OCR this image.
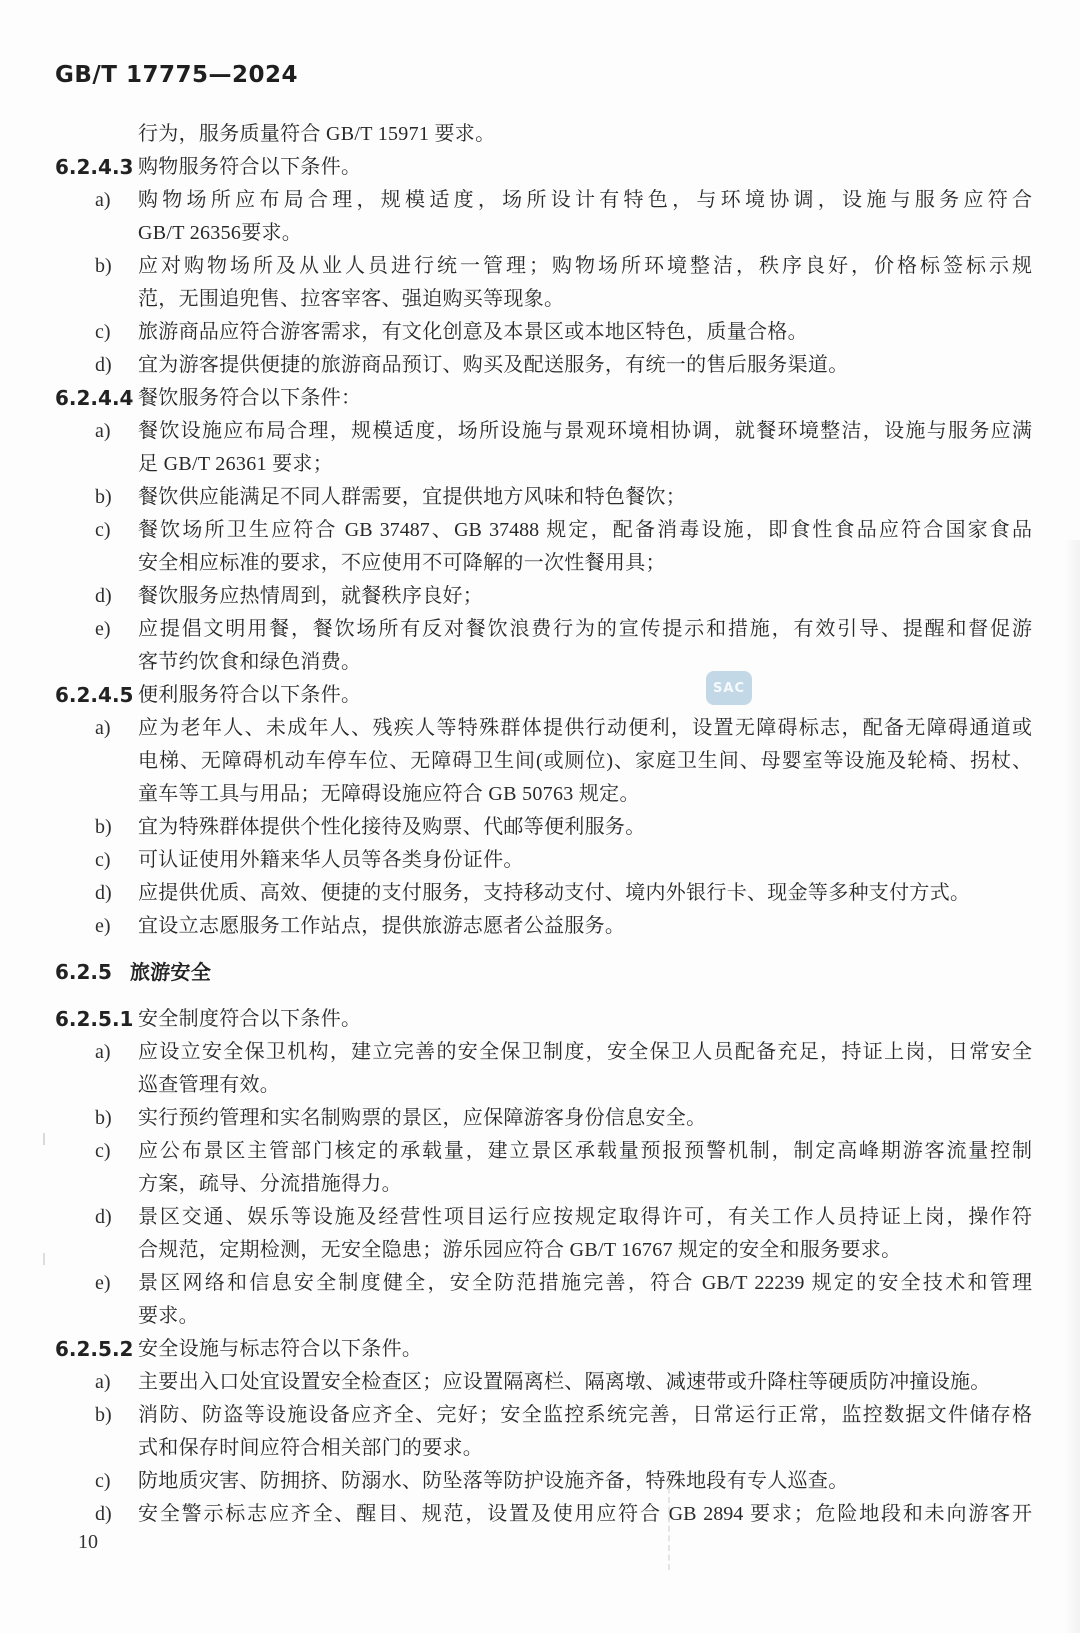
GB/T 17775—2024
行为，服务质量符合 GB/T 15971 要求。
6.2.4.3 购物服务符合以下条件。
a)	购物场所应布局合理，规模适度，场所设计有特色，与环境协调，设施与服务应符合
GB/T 26356要求。
b)	应对购物场所及从业人员进行统一管理；购物场所环境整洁，秩序良好，价格标签标示规
范，无围追兜售、拉客宰客、强迫购买等现象。
c)	旅游商品应符合游客需求，有文化创意及本景区或本地区特色，质量合格。
d)	宜为游客提供便捷的旅游商品预订、购买及配送服务，有统一的售后服务渠道。
6.2.4.4 餐饮服务符合以下条件：
a)	餐饮设施应布局合理，规模适度，场所设施与景观环境相协调，就餐环境整洁，设施与服务应满
足 GB/T 26361 要求；
b)	餐饮供应能满足不同人群需要，宜提供地方风味和特色餐饮；
c)	餐饮场所卫生应符合 GB 37487、GB 37488 规定，配备消毒设施，即食性食品应符合国家食品
安全相应标准的要求，不应使用不可降解的一次性餐用具；
d)	餐饮服务应热情周到，就餐秩序良好；
e)	应提倡文明用餐，餐饮场所有反对餐饮浪费行为的宣传提示和措施，有效引导、提醒和督促游
客节约饮食和绿色消费。
6.2.4.5 便利服务符合以下条件。
a)	应为老年人、未成年人、残疾人等特殊群体提供行动便利，设置无障碍标志，配备无障碍通道或
电梯、无障碍机动车停车位、无障碍卫生间(或厕位)、家庭卫生间、母婴室等设施及轮椅、拐杖、
童车等工具与用品；无障碍设施应符合 GB 50763 规定。
b)	宜为特殊群体提供个性化接待及购票、代邮等便利服务。
c)	可认证使用外籍来华人员等各类身份证件。
d)	应提供优质、高效、便捷的支付服务，支持移动支付、境内外银行卡、现金等多种支付方式。
e)	宜设立志愿服务工作站点，提供旅游志愿者公益服务。
6.2.5 旅游安全
6.2.5.1 安全制度符合以下条件。
a)	应设立安全保卫机构，建立完善的安全保卫制度，安全保卫人员配备充足，持证上岗，日常安全
巡查管理有效。
b)	实行预约管理和实名制购票的景区，应保障游客身份信息安全。
c)	应公布景区主管部门核定的承载量，建立景区承载量预报预警机制，制定高峰期游客流量控制
方案，疏导、分流措施得力。
d)	景区交通、娱乐等设施及经营性项目运行应按规定取得许可，有关工作人员持证上岗，操作符
合规范，定期检测，无安全隐患；游乐园应符合 GB/T 16767 规定的安全和服务要求。
e)	景区网络和信息安全制度健全，安全防范措施完善，符合 GB/T 22239 规定的安全技术和管理
要求。
6.2.5.2 安全设施与标志符合以下条件。
a)	主要出入口处宜设置安全检查区；应设置隔离栏、隔离墩、减速带或升降柱等硬质防冲撞设施。
b)	消防、防盗等设施设备应齐全、完好；安全监控系统完善，日常运行正常，监控数据文件储存格
式和保存时间应符合相关部门的要求。
c)	防地质灾害、防拥挤、防溺水、防坠落等防护设施齐备，特殊地段有专人巡查。
d)	安全警示标志应齐全、醒目、规范，设置及使用应符合 GB 2894 要求；危险地段和未向游客开
SAC
10
